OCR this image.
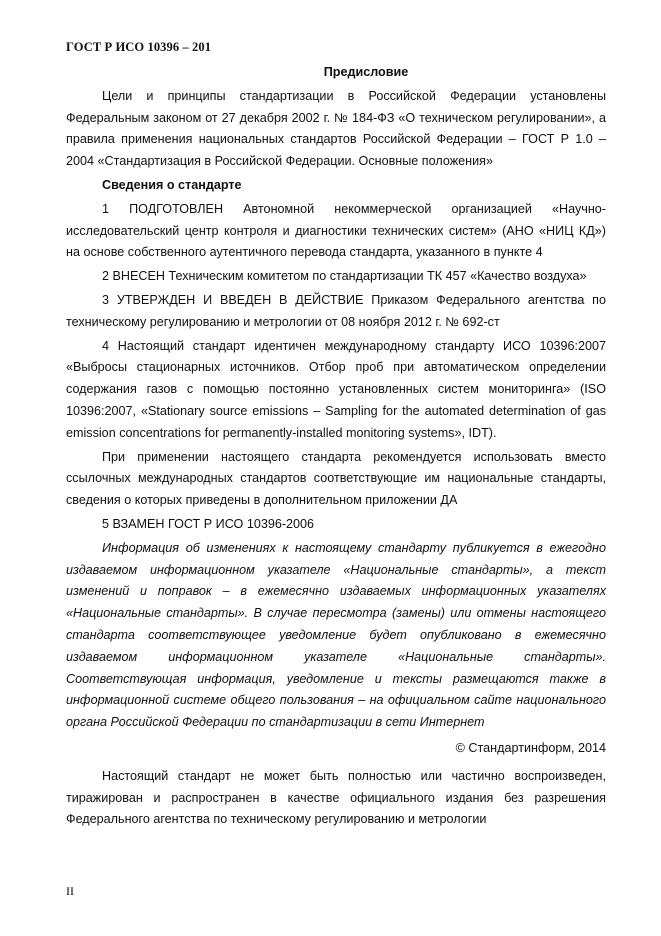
ГОСТ Р ИСО 10396 – 201

Предисловие

Цели и принципы стандартизации в Российской Федерации установлены Федеральным законом от 27 декабря 2002 г. № 184-ФЗ «О техническом регулировании», а правила применения национальных стандартов Российской Федерации – ГОСТ Р 1.0 – 2004 «Стандартизация в Российской Федерации. Основные положения»

Сведения о стандарте

1 ПОДГОТОВЛЕН Автономной некоммерческой организацией «Научно-исследовательский центр контроля и диагностики технических систем» (АНО «НИЦ КД») на основе собственного аутентичного перевода стандарта, указанного в пункте 4

2 ВНЕСЕН Техническим комитетом по стандартизации ТК 457 «Качество воздуха»

3 УТВЕРЖДЕН И ВВЕДЕН В ДЕЙСТВИЕ Приказом Федерального агентства по техническому регулированию и метрологии от 08 ноября 2012 г. № 692-ст

4 Настоящий стандарт идентичен международному стандарту ИСО 10396:2007 «Выбросы стационарных источников. Отбор проб при автоматическом определении содержания газов с помощью постоянно установленных систем мониторинга» (ISO 10396:2007, «Stationary source emissions – Sampling for the automated determination of gas emission concentrations for permanently-installed monitoring systems», IDT).

При применении настоящего стандарта рекомендуется использовать вместо ссылочных международных стандартов соответствующие им национальные стандарты, сведения о которых приведены в дополнительном приложении ДА

5 ВЗАМЕН ГОСТ Р ИСО 10396-2006

Информация об изменениях к настоящему стандарту публикуется в ежегодно издаваемом информационном указателе «Национальные стандарты», а текст изменений и поправок – в ежемесячно издаваемых информационных указателях «Национальные стандарты». В случае пересмотра (замены) или отмены настоящего стандарта соответствующее уведомление будет опубликовано в ежемесячно издаваемом информационном указателе «Национальные стандарты». Соответствующая информация, уведомление и тексты размещаются также в информационной системе общего пользования – на официальном сайте национального органа Российской Федерации по стандартизации в сети Интернет

© Стандартинформ, 2014

Настоящий стандарт не может быть полностью или частично воспроизведен, тиражирован и распространен в качестве официального издания без разрешения Федерального агентства по техническому регулированию и метрологии

II
